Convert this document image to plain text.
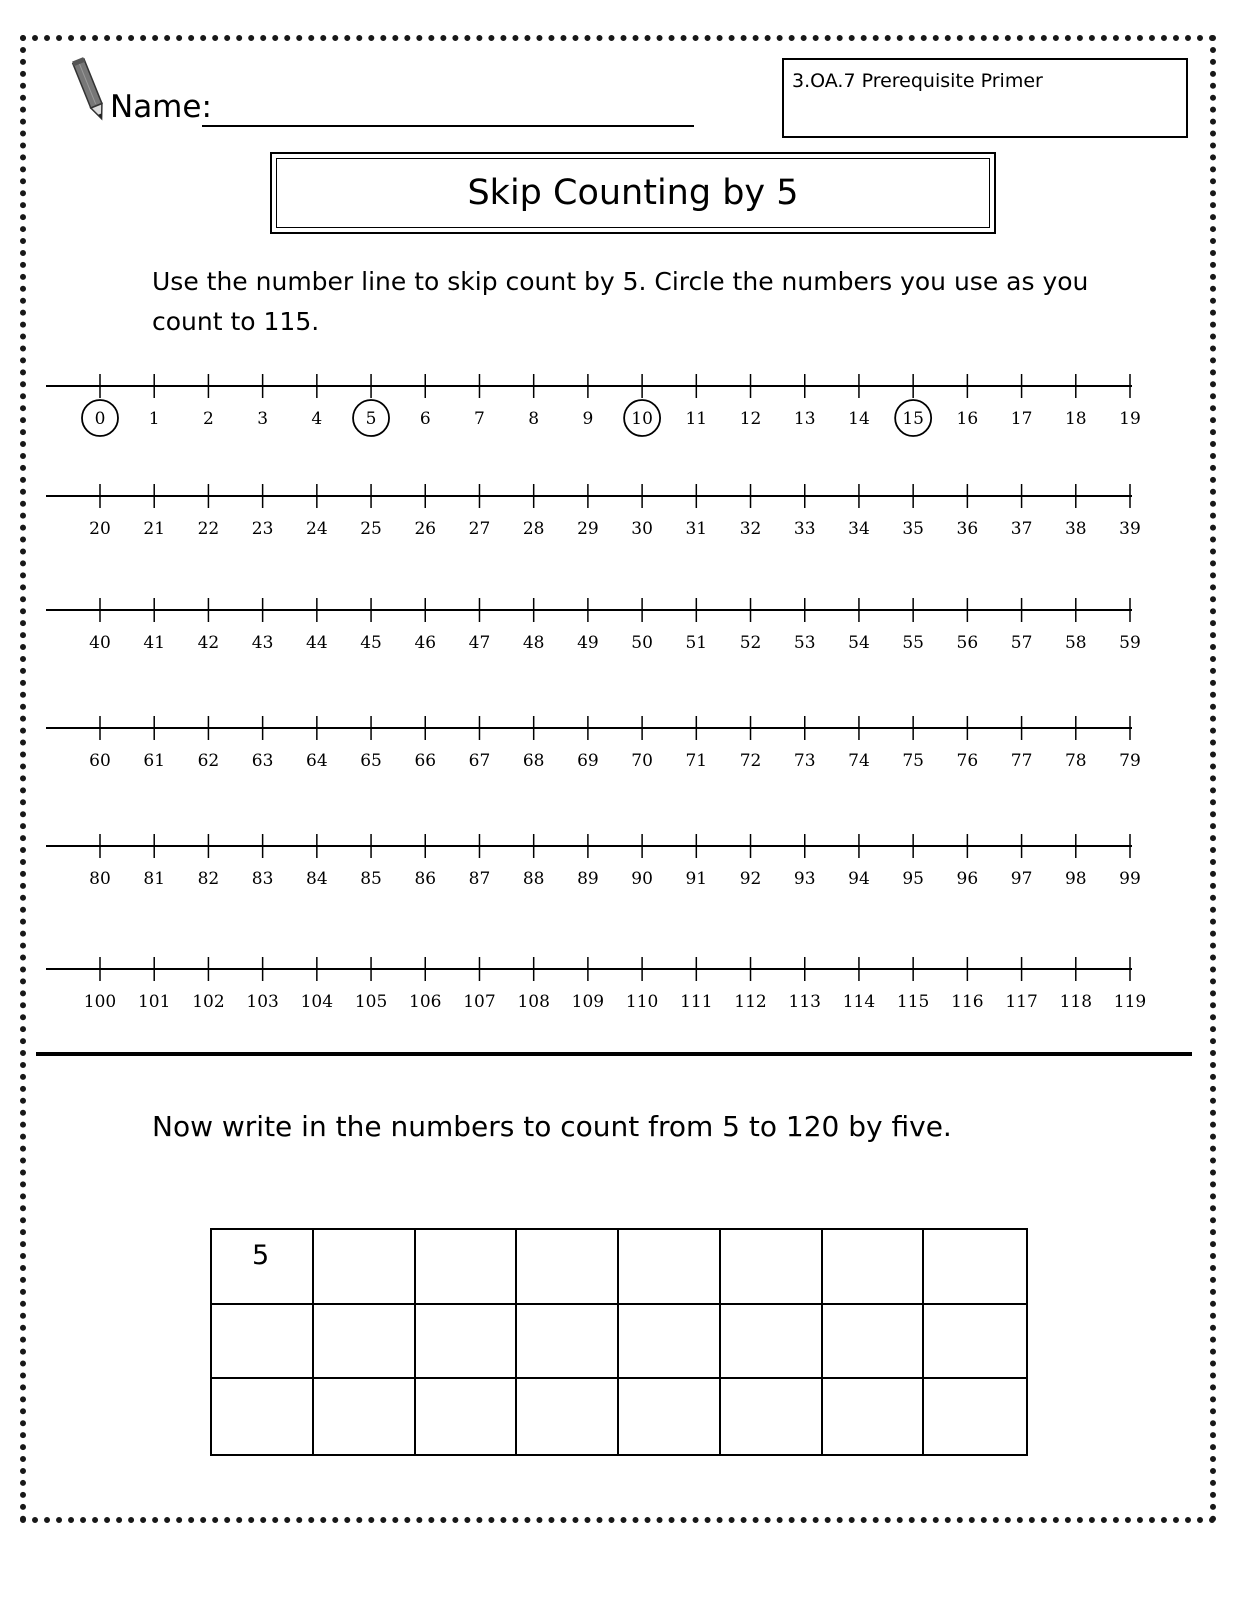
Name:
3.OA.7 Prerequisite Primer
Skip Counting by 5
Use the number line to skip count by 5. Circle the numbers you use as you count to 115.
0	1	2	3	4	5	6	7	8	9 10 11 12 13 14 15 16 17 18 19
20 21 22 23 24 25 26 27 28 29 30 31 32 33 34 35 36 37 38 39
40 41 42 43 44 45 46 47 48 49 50 51 52 53 54 55 56 57 58 59
60 61 62 63 64 65 66 67 68 69 70 71 72 73 74 75 76 77 78 79
80 81 82 83 84 85 86 87 88 89 90 91 92 93 94 95 96 97 98 99
100 101 102 103 104 105 106 107 108 109 110 111 112 113 114 115 116 117 118 119
Now write in the numbers to count from 5 to 120 by five.
5
